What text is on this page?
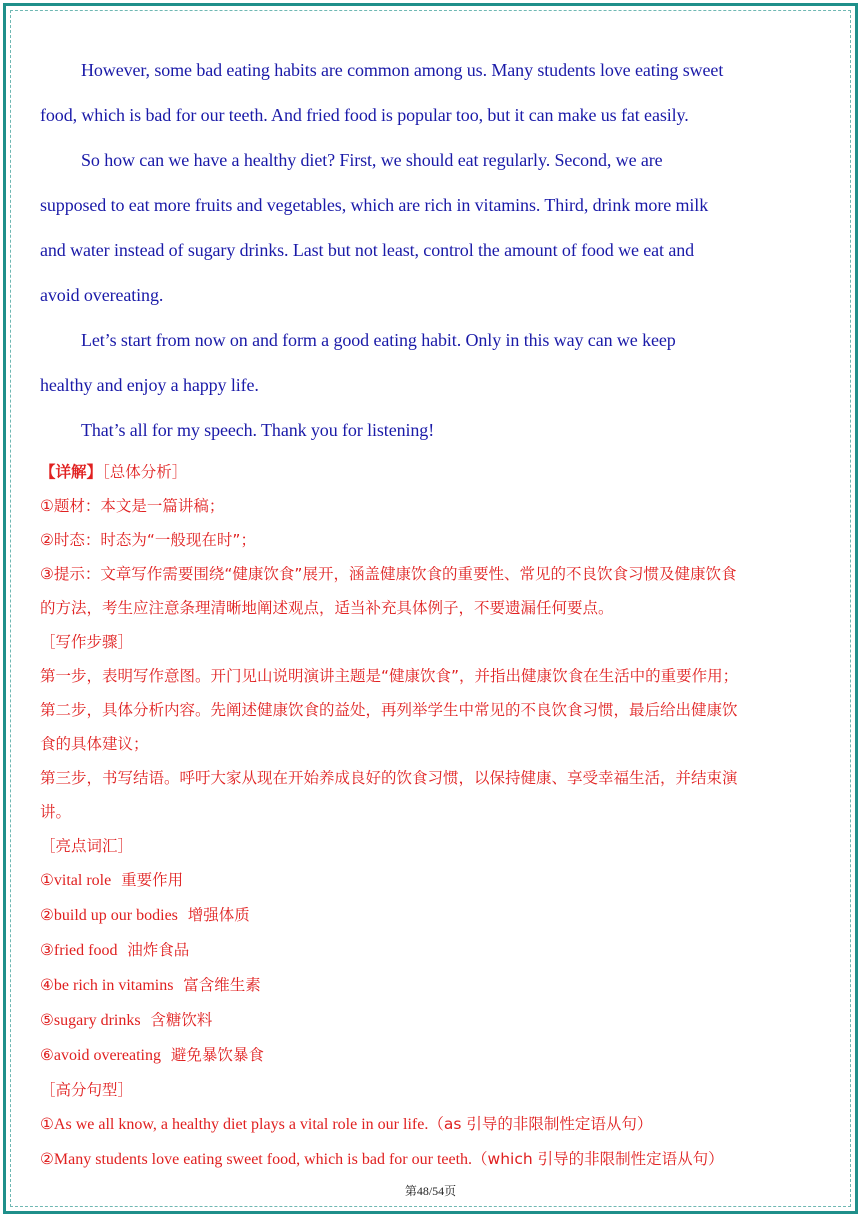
However, some bad eating habits are common among us. Many students love eating sweet

food, which is bad for our teeth. And fried food is popular too, but it can make us fat easily.

So how can we have a healthy diet? First, we should eat regularly. Second, we are

supposed to eat more fruits and vegetables, which are rich in vitamins. Third, drink more milk

and water instead of sugary drinks. Last but not least, control the amount of food we eat and

avoid overeating.

Let’s start from now on and form a good eating habit. Only in this way can we keep

healthy and enjoy a happy life.

That’s all for my speech. Thank you for listening!

【详解】［总体分析］

①题材：本文是一篇讲稿；

②时态：时态为“一般现在时”；

③提示：文章写作需要围绕“健康饮食”展开，涵盖健康饮食的重要性、常见的不良饮食习惯及健康饮食

的方法，考生应注意条理清晰地阐述观点，适当补充具体例子，不要遗漏任何要点。

［写作步骤］

第一步，表明写作意图。开门见山说明演讲主题是“健康饮食”，并指出健康饮食在生活中的重要作用；

第二步，具体分析内容。先阐述健康饮食的益处，再列举学生中常见的不良饮食习惯，最后给出健康饮

食的具体建议；

第三步，书写结语。呼吁大家从现在开始养成良好的饮食习惯，以保持健康、享受幸福生活，并结束演

讲。

［亮点词汇］

①vital role 重要作用

②build up our bodies 增强体质

③fried food 油炸食品

④be rich in vitamins 富含维生素

⑤sugary drinks 含糖饮料

⑥avoid overeating 避免暴饮暴食

［高分句型］

①As we all know, a healthy diet plays a vital role in our life.（as 引导的非限制性定语从句）

②Many students love eating sweet food, which is bad for our teeth.（which 引导的非限制性定语从句）

第48/54页
